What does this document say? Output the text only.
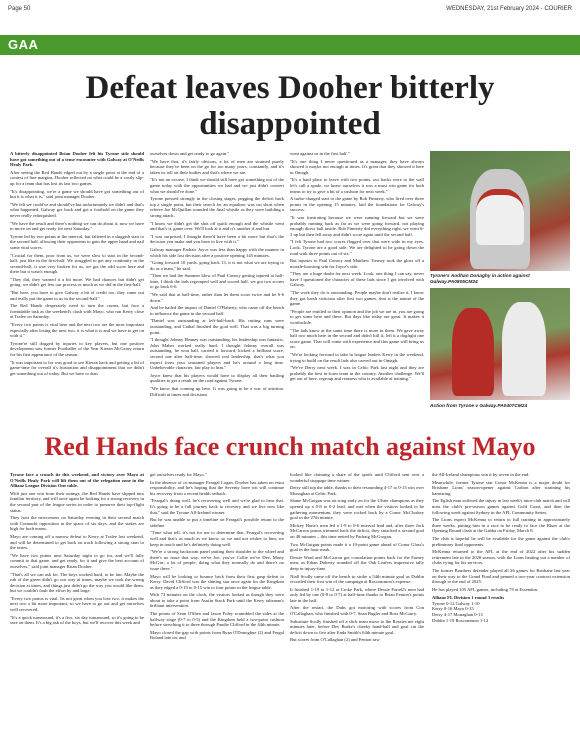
Page 50	WEDNESDAY, 21st February 2024 - COURIER
GAA
Defeat leaves Dooher bitterly disappointed

A bitterly disappointed Brian Dooher felt his Tyrone side should have got something out of a tense encounter with Galway at O'Neills Healy Park.

After seeing the Red Hands edged out by a single point at the end of a contest of fine margins, Dooher reflected on what could be a costly slip-up for a team that has lost its last two games.

"It's disappointing, we're a game we should have got something out of but it is what it is," said joint manager Dooher.

"We felt we could've and should've but unfortunately we didn't and that's what happened. Galway got back and got a foothold on the game they never really relinquished.

"We have the result and there's nothing we can do about it, now we have to move on and get ready for next Saturday."

Tyrone led by two points at the interval, but faltered in a sluggish start to the second half, allowing their opponents to gain the upper hand and nail some vital scores.

"Crucial for them, poor from us, we were slow to start in the second-half, just like in the first-half. We struggled to get any continuity in the second-half, it was very broken for us, we got the odd score here and there but it wasn't enough.

"They did, they warned it a bit more. We had chances but didn't get going, we didn't get less our process or much as we did in the first-half.

"But here, you have to give Galway a bit of credit too, they came out and really put the game to us in the second-half."

The Red Hands desperately need to turn the corner, but face a formidable task as the weekend's clash with Mayo, who ran Kerry close at Tralee on Saturday.

"Every two points is vital here and the next two are the most important especially after losing the next two, it is what it is and we have to get on with it."

Tyrone're still dogged by injuries to key players, but one positive development saw former Footballer of the Year Kieran McGeary return for his first appearance of the season.

"It was important to for was good to see Kieran back and getting a bit of game-time for overall it's frustration and disappointment that we didn't get something out of today. But we have to dust

ourselves down and get ready to go again."

"We have that, it's fairly obvious, a lot of men are strained purely because they've been on the go for too many years, constantly, and it's taken its toll on their bodies and that's where we are.

"It's not an excuse, I think we should still have got something out of the game today with the opportunities we had and we just didn't convert what we should've done."

Tyrone pressed strongly in the closing stages, pegging the deficit back top a single point, but their search for an equaliser was cut short when referee Joe McQuillan sounded the final whistle as they were building a strong attack.

"I know we didn't get the shot off quick enough and the whistle went and that's it, game over. We'll look at it and it's another if and but.

"I was surprised, I thought there'd have been a bit more but that's the decision you make and you have to live with it."

Galway manager Padraic Joyce was less than happy with the manner in which his side lost decision after a positive opening 145 minutes.

"Going forward 10 yards, going back 13, it is not what we are trying to do as a team," he said.

"Then we had the Summer blow of Paul Conroy getting injured at half-time, I think the lads regrouped well and scored half, we got two scores to go back 6-6.

"We said that at half-time, rather than let them score twice and be 6-6 down."

And he hailed the impact of Daniel O'Flaherty, who came off the bench to influence the game in the second half.

"Daniel was outstanding at left-half-back. His cutting runs were outstanding, and Cathal finished the goal well. That was a big turning point.

"I thought Johnny Heaney was outstanding, his leadership was fantastic, John Maher worked really hard. I thought Johnny overall was outstanding, he won ball, carried it forward, kicked a brilliant score, second one after half-time, showed real leadership, that's what you expect from your seasoned players and he's around a long time. Unbelievable character, fair play to him."

Joyce knew that his players would have to display all their battling qualities to get a result on the road against Tyrone.

"We know that coming up here. It was going to be a war of attrition. Difficult at times and decisions

went against us in the first half."

"It's one thing I never questioned as a manager, they have always showed it maybe not enough at times. It's great that they showed it here in Omagh.

"It's a hard place to leave with two points, our backs were to the wall let's call a spade, we knew ourselves it was a must win game for both teams to try to give a bit of a cushion for next week."

A turbo-charged start to the game by Rob Finnerty, who fired over three points in the opening 15 minutes, laid the foundations for Galway's success.

"It was frustrating because we were running forward but we were probably running back as far as we were going forward, not playing enough direct ball inside. Rob Finnerty did everything right, we went 6-3 up but then fell away and didn't score again until the second half.

"I felt Tyrone had two scores flagged over that were wide in my eyes. Look, Tyrone are a good side. We are delighted to be going down the road with three points out of six."

But injuries to Paul Conroy and Matthew Tierney took the gloss off a morale-boosting win for Joyce's side.

"They are a huge doubt for next week. Look, one thing I can say, never have I questioned the character of these lads since I got involved with Galway.

"The work they do is outstanding. People maybe don't realise it. I know they got harsh criticism after first two games, that is the nature of the game.

"People are entitled to their opinion and the job we are in, you are going to get some here and there. But days like today are great. It makes it worthwhile.

"The lads know at the same time there is more in them. We gave away half two much here in the second and didn't kill it, left it a dogfight one score game. That will come with experience and this game will bring us on.

"We're looking forward to take in league leaders Kerry in the weekend, trying to build on the result lads also carved out in Omagh.

"We've Derry next week. I was in Celtic Park last night and they are probably the best in-form team in the country. Another challenge. We'll get out of here, regroup and reassess who is available at training."

Tyrone's Aodhan Donaghy in action against Galway.PA0805CM24
Action from Tyrone v Galway.PA0407CM24
Red Hands face crunch match against Mayo

Tyrone face a crunch tie this weekend, and victory over Mayo at O'Neills Healy Park will lift them out of the relegation zone in the Allianz League Division One table.

With just one win from their outings, the Red Hands have slipped into familiar territory, and will once again be looking for a strong recovery in the second part of the league series in order to preserve their top-flight status.

They host the newcomers on Saturday evening in their second match with Connacht opposition in the space of six days, and the stakes are high for both teams.

Mayo are coming off a narrow defeat to Kerry at Tralee last weekend, and will be determined to get back on track following a strong start to the series.

"We have two points next Saturday night to go for, and we'll fully commit to that game, and get ready, for it and give the best account of ourselves," said joint manager Brian Dooher.

"That's all we can ask for. The boys worked hard, to be fair. Maybe the rub of the green didn't go our way at times, maybe we took the wrong decision at times, and things just didn't go the way you would like them, but we couldn't fault the effort by and large.

"Every two points is vital. Its not great when you lose two, it makes the next two a bit more important, so we have to go out and get ourselves well recovered.

"It's a quick turnaround, it's a five, six day turnaround, so it's going to be sore on them. It's a big ask of the boys, but we'll recover this week and

get ourselves ready for Mayo."

In the absence of co-manager Feargal Logan, Dooher has taken on extra responsibility, and he's hoping that the Seventy have wit will continue his recovery from a recent health setback.

"Feargal's doing well, he's recovering well and we're glad to hear that. It's going to be a full journey back to recovery and we live now like that," said the Tyrone All-Ireland winner.

But he was unable to put a timeline on Feargal's possible return to the sideline.

"Time what tell, it's not for me to determine that, Feargal's recovering well and that's as much as we know, so we and not wisher to him, we keep in touch and he's definitely doing well.

"We're a strong backroom panel putting their shoulder to the wheel and there's no issue that way, we've Joe, you've Collie we've Dee, Marty McGirr, a lot of people, doing what they normally do and there's no issue there."

Mayo will be looking to bounce back from their first gasp defeat to Kerry. David Clifford was the shining star once again for the Kingdom as they edged a 0-19 to 0-15 win to four points in the league table.

With 73 minutes on the clock, the visitors looked as though they were about to take a point from Austin Stack Park until the Kerry talisman's brilliant intervention.

The points of Sean O'Shea and Jason Foley scrambled the sides at the halfway stage (0-7 to 0-5) and the Kingdom held a two-point cushion before stretching it to three through Paudie Clifford in the 44th minute.

Mayo closed the gap with points from Ryan O'Donoghue (2) and Fergal Boland late on, and

looked like claiming a share of the spoils until Clifford sent over a wonderful stoppage time winner.

Derry still top the table, thanks to their resounding 4-17 to 0-13 win over Monaghan at Celtic Park.

Shane McGuigan was on song early on for the Ulster champions as they opened up a 0-8 to 0-2 lead, and met when the visitors looked to be gathering momentum, they were rocked back by a Conor McCluskey goal in the 27th minute.

Mickey Harte's men led a 1-9 to 0-6 interval lead and, after three Jack McCarron points trimmed back the deficit, they smacked a second goal on 48 minutes – this time netted by Padraig McGrogan.

Two McGuigan points made it a 10-point game ahead of Conor Glass's goal in the hour mark.

Dessie Ward and McCarron got consolation points back for the Farney men, as Ethan Doherty rounded off the Oak Leafers impressive tally deep in injury-time.

Niall Scully came off the bench to strike a 54th minute goal as Dublin recorded their first win of the campaign at Roscommon's expense.

It finished 1-19 to 1-12 at Croke Park, where Dessie Farrell's men had only led by one (0-8 to 0-7) at half-time thanks to Brian Fenton's points late in the half.

After the restart, the Dubs got motoring with scores from Con O'Callaghan, who finished with 0-7, Sean Bugler and Ross McGarry.

Substitute Scully finished off a slick team move to the Rossies net eight minutes later, before Dev Burke's cheeky hand-ball and goal cut the deficit down to five after Enda Smith's 64th minute goal.

But scores from O'Callaghan (2) and Fenton saw

the All-Ireland champions win it by seven in the end.

Meanwhile, former Tyrone star Conor McKenna is a major doubt for Brisbane Lions' season-opener against Carlton after straining his hamstring.

The Eglish man suffered the injury in last week's intra-club match and will miss the club's pre-season games against Gold Coast, and then the following week against Sydney in the AFL Community Series.

The Lions expect McKenna to return to full training in approximately three weeks, putting him in a race to be ready to face the Blues at the Opening Round clash at the Gabba on Friday, March 8.

The club is hopeful he will be available for the game against the club's preliminary final opponents.

McKenna returned to the AFL at the end of 2022 after his sudden retirement late in the 2020 season, with the Lions beating out a number of clubs vying for his services.

The former Bombers defender played all 26 games for Brisbane last year on their way to the Grand Final and penned a two-year contract extension through to the end of 2025.

He has played 105 AFL games, including 79 at Essendon.

Allianz FL Division 1 round 3 results
Tyrone 0-12 Galway 1-10
Kerry 0-16 Mayo 0-15
Derry 4-17 Monaghan 0-13
Dublin 1-19 Roscommon 1-12
